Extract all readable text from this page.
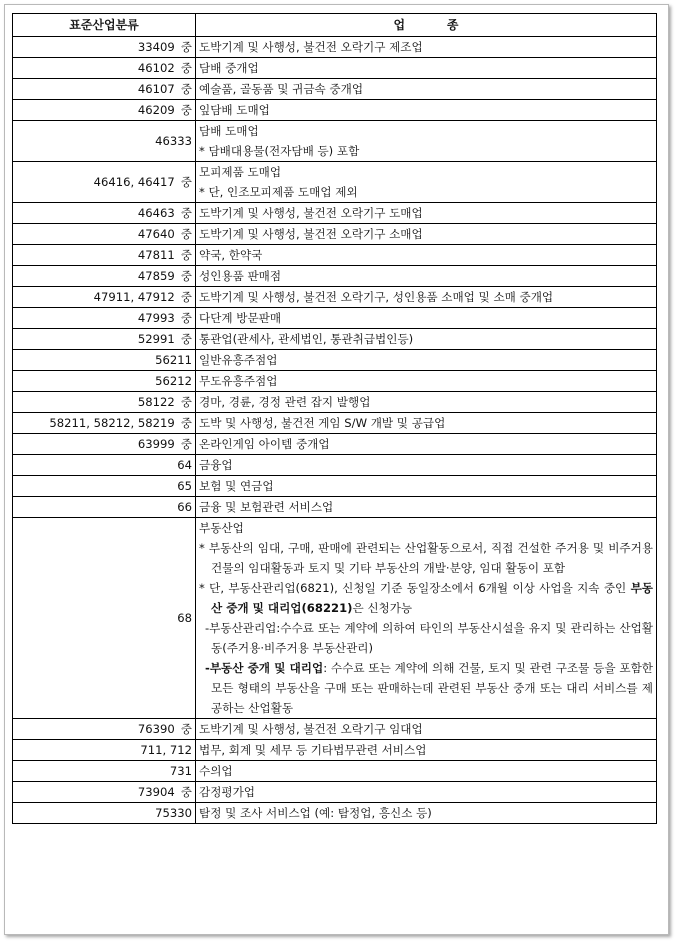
표준산업분류	업          종
33409 중	도박기계 및 사행성, 불건전 오락기구 제조업

46102 중	담배 중개업

46107 중	예술품, 골동품 및 귀금속 중개업

46209 중	잎담배 도매업

46333	담배 도매업
* 담배대용물(전자담배 등) 포함

46416, 46417 중	모피제품 도매업
* 단, 인조모피제품 도매업 제외

46463 중	도박기계 및 사행성, 불건전 오락기구 도매업

47640 중	도박기계 및 사행성, 불건전 오락기구 소매업

47811 중	약국, 한약국

47859 중	성인용품 판매점

47911, 47912 중	도박기계 및 사행성, 불건전 오락기구, 성인용품 소매업 및 소매 중개업

47993 중	다단계 방문판매

52991 중	통관업(관세사, 관세법인, 통관취급법인등)

56211	일반유흥주점업

56212	무도유흥주점업

58122 중	경마, 경륜, 경정 관련 잡지 발행업

58211, 58212, 58219 중	도박 및 사행성, 불건전 게임 S/W 개발 및 공급업

63999 중	온라인게임 아이템 중개업

64	금융업

65	보험 및 연금업

66	금융 및 보험관련 서비스업

68	부동산업
* 부동산의 임대, 구매, 판매에 관련되는 산업활동으로서, 직접 건설한 주거용 및 비주거용 건물의 임대활동과 토지 및 기타 부동산의 개발·분양, 임대 활동이 포함
* 단, 부동산관리업(6821), 신청일 기준 동일장소에서 6개월 이상 사업을 지속 중인 부동산 중개 및 대리업(68221)은 신청가능
-부동산관리업:수수료 또는 계약에 의하여 타인의 부동산시설을 유지 및 관리하는 산업활동(주거용·비주거용 부동산관리)
-부동산 중개 및 대리업: 수수료 또는 계약에 의해 건물, 토지 및 관련 구조물 등을 포함한 모든 형태의 부동산을 구매 또는 판매하는데 관련된 부동산 중개 또는 대리 서비스를 제공하는 산업활동

76390 중	도박기계 및 사행성, 불건전 오락기구 임대업

711, 712	법무, 회계 및 세무 등 기타법무관련 서비스업

731	수의업

73904 중	감정평가업

75330	탐정 및 조사 서비스업 (예: 탐정업, 흥신소 등)
